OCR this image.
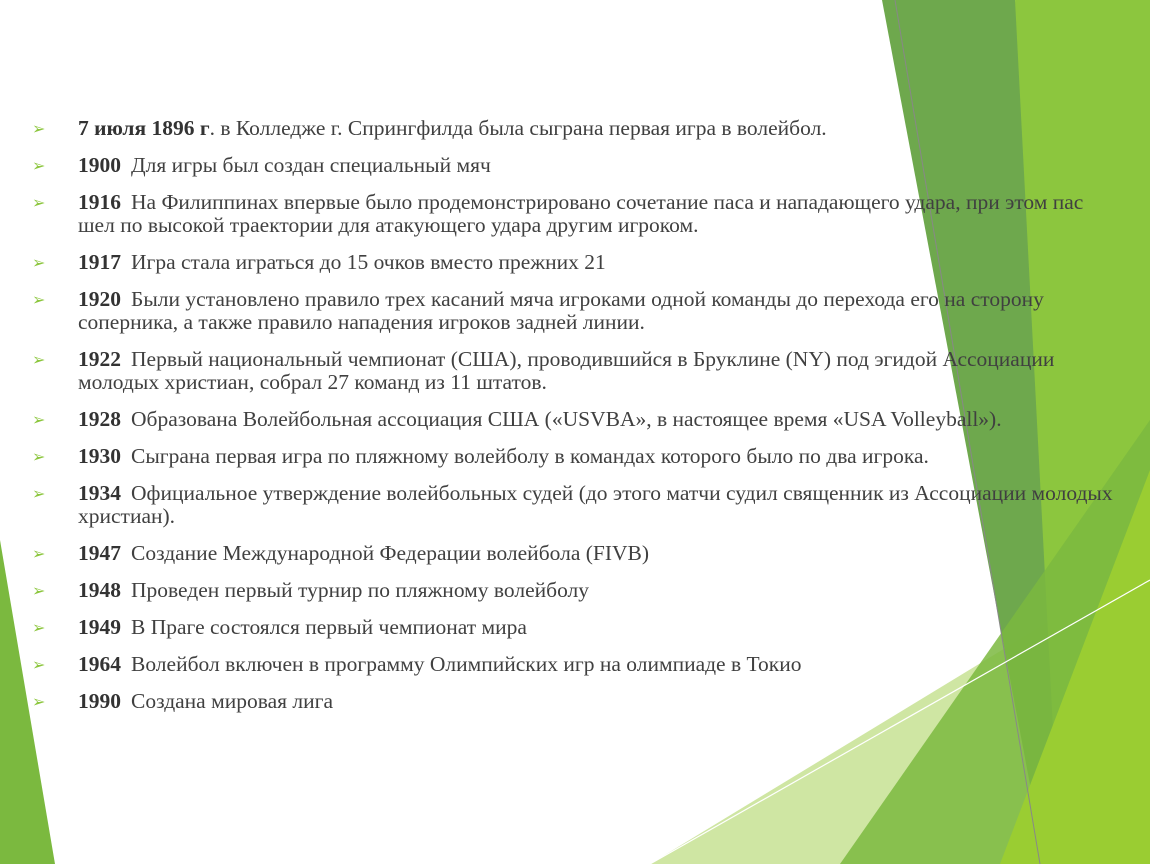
➢ 7 июля 1896 г. в Колледже г. Спрингфилда была сыграна первая игра в волейбол.
➢ 1900 Для игры был создан специальный мяч
➢ 1916 На Филиппинах впервые было продемонстрировано сочетание паса и нападающего удара, при этом пас шел по высокой траектории для атакующего удара другим игроком.
➢ 1917 Игра стала играться до 15 очков вместо прежних 21
➢ 1920 Были установлено правило трех касаний мяча игроками одной команды до перехода его на сторону соперника, а также правило нападения игроков задней линии.
➢ 1922 Первый национальный чемпионат (США), проводившийся в Бруклине (NY) под эгидой Ассоциации молодых христиан, собрал 27 команд из 11 штатов.
➢ 1928 Образована Волейбольная ассоциация США («USVBA», в настоящее время «USA Volleyball»).
➢ 1930 Сыграна первая игра по пляжному волейболу в командах которого было по два игрока.
➢ 1934 Официальное утверждение волейбольных судей (до этого матчи судил священник из Ассоциации молодых христиан).
➢ 1947 Создание Международной Федерации волейбола (FIVB)
➢ 1948 Проведен первый турнир по пляжному волейболу
➢ 1949 В Праге состоялся первый чемпионат мира
➢ 1964 Волейбол включен в программу Олимпийских игр на олимпиаде в Токио
➢ 1990 Создана мировая лига
